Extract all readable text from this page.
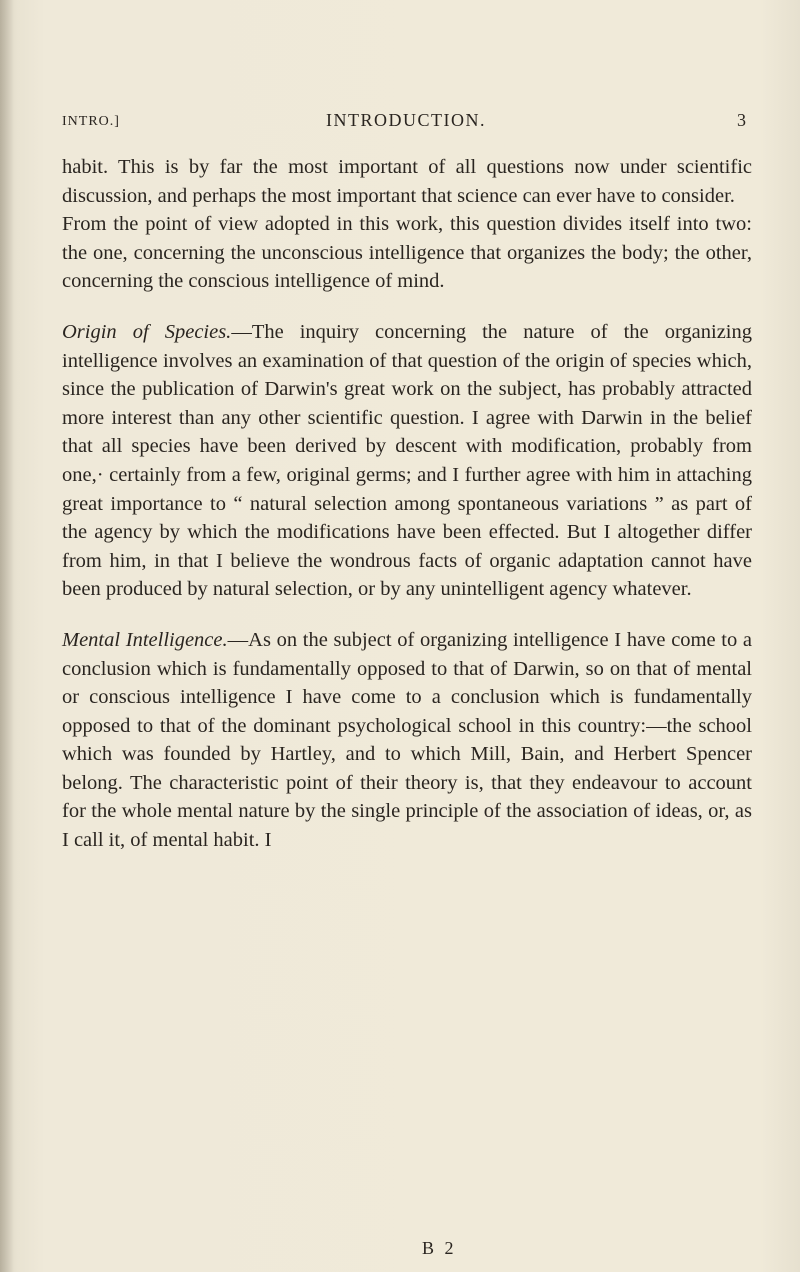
INTRO.]	INTRODUCTION.	3

habit. This is by far the most important of all questions now under scientific discussion, and perhaps the most important that science can ever have to consider.

From the point of view adopted in this work, this question divides itself into two: the one, concerning the unconscious intelligence that organizes the body; the other, concerning the conscious intelligence of mind.

Origin of Species.—The inquiry concerning the nature of the organizing intelligence involves an examination of that question of the origin of species which, since the publication of Darwin's great work on the subject, has probably attracted more interest than any other scientific question. I agree with Darwin in the belief that all species have been derived by descent with modification, probably from one,· certainly from a few, original germs; and I further agree with him in attaching great importance to “ natural selection among spontaneous variations ” as part of the agency by which the modifications have been effected. But I altogether differ from him, in that I believe the wondrous facts of organic adaptation cannot have been produced by natural selection, or by any unintelligent agency whatever.

Mental Intelligence.—As on the subject of organizing intelligence I have come to a conclusion which is fundamentally opposed to that of Darwin, so on that of mental or conscious intelligence I have come to a conclusion which is fundamentally opposed to that of the dominant psychological school in this country:—the school which was founded by Hartley, and to which Mill, Bain, and Herbert Spencer belong. The characteristic point of their theory is, that they endeavour to account for the whole mental nature by the single principle of the association of ideas, or, as I call it, of mental habit. I

B 2
